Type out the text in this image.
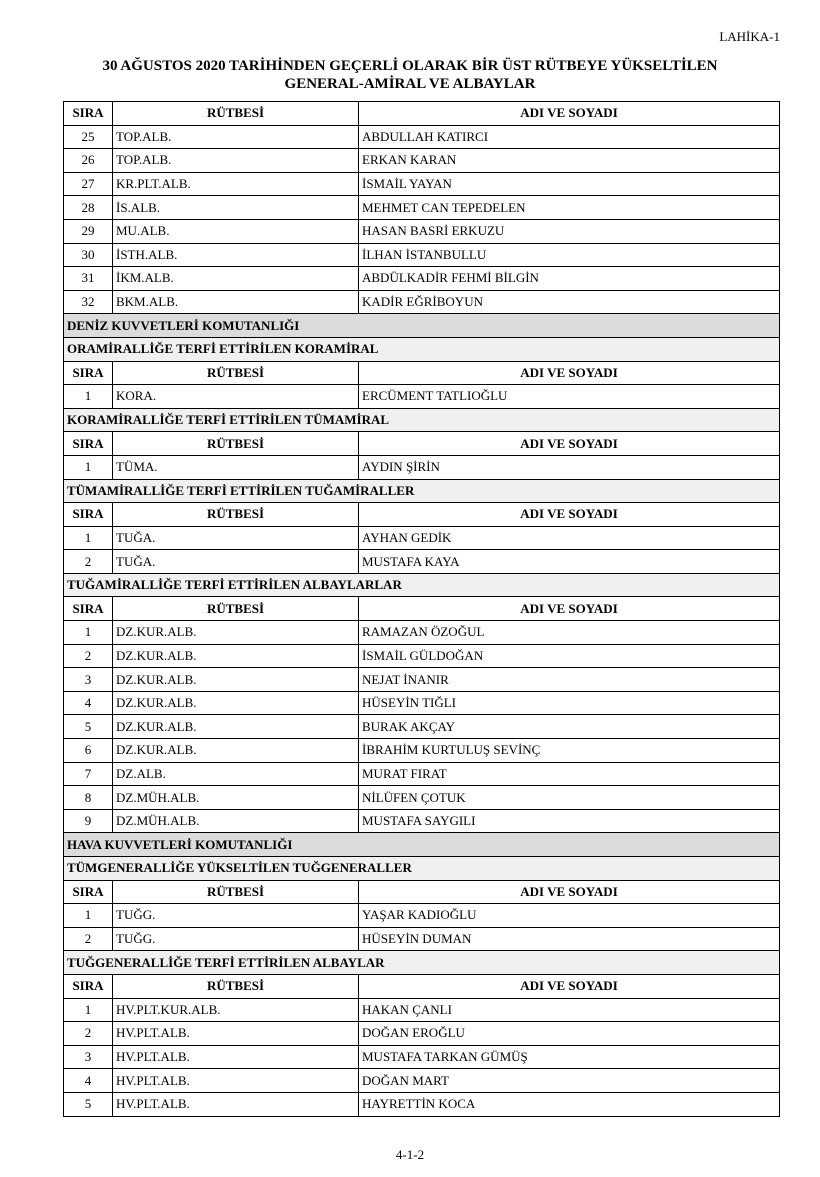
LAHİKA-1
30 AĞUSTOS 2020 TARİHİNDEN GEÇERLİ OLARAK BİR ÜST RÜTBEYE YÜKSELTİLEN
GENERAL-AMİRAL VE ALBAYLAR
SIRA	RÜTBESİ	ADI VE SOYADI
25	TOP.ALB.	ABDULLAH KATIRCI
26	TOP.ALB.	ERKAN KARAN
27	KR.PLT.ALB.	İSMAİL YAYAN
28	İS.ALB.	MEHMET CAN TEPEDELEN
29	MU.ALB.	HASAN BASRİ ERKUZU
30	İSTH.ALB.	İLHAN İSTANBULLU
31	İKM.ALB.	ABDÜLKADİR FEHMİ BİLGİN
32	BKM.ALB.	KADİR EĞRİBOYUN
DENİZ KUVVETLERİ KOMUTANLIĞI		
ORAMİRALLİĞE TERFİ ETTİRİLEN KORAMİRAL		
SIRA	RÜTBESİ	ADI VE SOYADI
1	KORA.	ERCÜMENT TATLIOĞLU
KORAMİRALLİĞE TERFİ ETTİRİLEN TÜMAMİRAL		
SIRA	RÜTBESİ	ADI VE SOYADI
1	TÜMA.	AYDIN ŞİRİN
TÜMAMİRALLİĞE TERFİ ETTİRİLEN TUĞAMİRALLER		
SIRA	RÜTBESİ	ADI VE SOYADI
1	TUĞA.	AYHAN GEDİK
2	TUĞA.	MUSTAFA KAYA
TUĞAMİRALLİĞE TERFİ ETTİRİLEN ALBAYLARLAR		
SIRA	RÜTBESİ	ADI VE SOYADI
1	DZ.KUR.ALB.	RAMAZAN ÖZOĞUL
2	DZ.KUR.ALB.	İSMAİL GÜLDOĞAN
3	DZ.KUR.ALB.	NEJAT İNANIR
4	DZ.KUR.ALB.	HÜSEYİN TIĞLI
5	DZ.KUR.ALB.	BURAK AKÇAY
6	DZ.KUR.ALB.	İBRAHİM KURTULUŞ SEVİNÇ
7	DZ.ALB.	MURAT FIRAT
8	DZ.MÜH.ALB.	NİLÜFEN ÇOTUK
9	DZ.MÜH.ALB.	MUSTAFA SAYGILI
HAVA KUVVETLERİ KOMUTANLIĞI		
TÜMGENERALLİĞE YÜKSELTİLEN TUĞGENERALLER		
SIRA	RÜTBESİ	ADI VE SOYADI
1	TUĞG.	YAŞAR KADIOĞLU
2	TUĞG.	HÜSEYİN DUMAN
TUĞGENERALLİĞE TERFİ ETTİRİLEN ALBAYLAR		
SIRA	RÜTBESİ	ADI VE SOYADI
1	HV.PLT.KUR.ALB.	HAKAN ÇANLI
2	HV.PLT.ALB.	DOĞAN EROĞLU
3	HV.PLT.ALB.	MUSTAFA TARKAN GÜMÜŞ
4	HV.PLT.ALB.	DOĞAN MART
5	HV.PLT.ALB.	HAYRETTİN KOCA
4-1-2
